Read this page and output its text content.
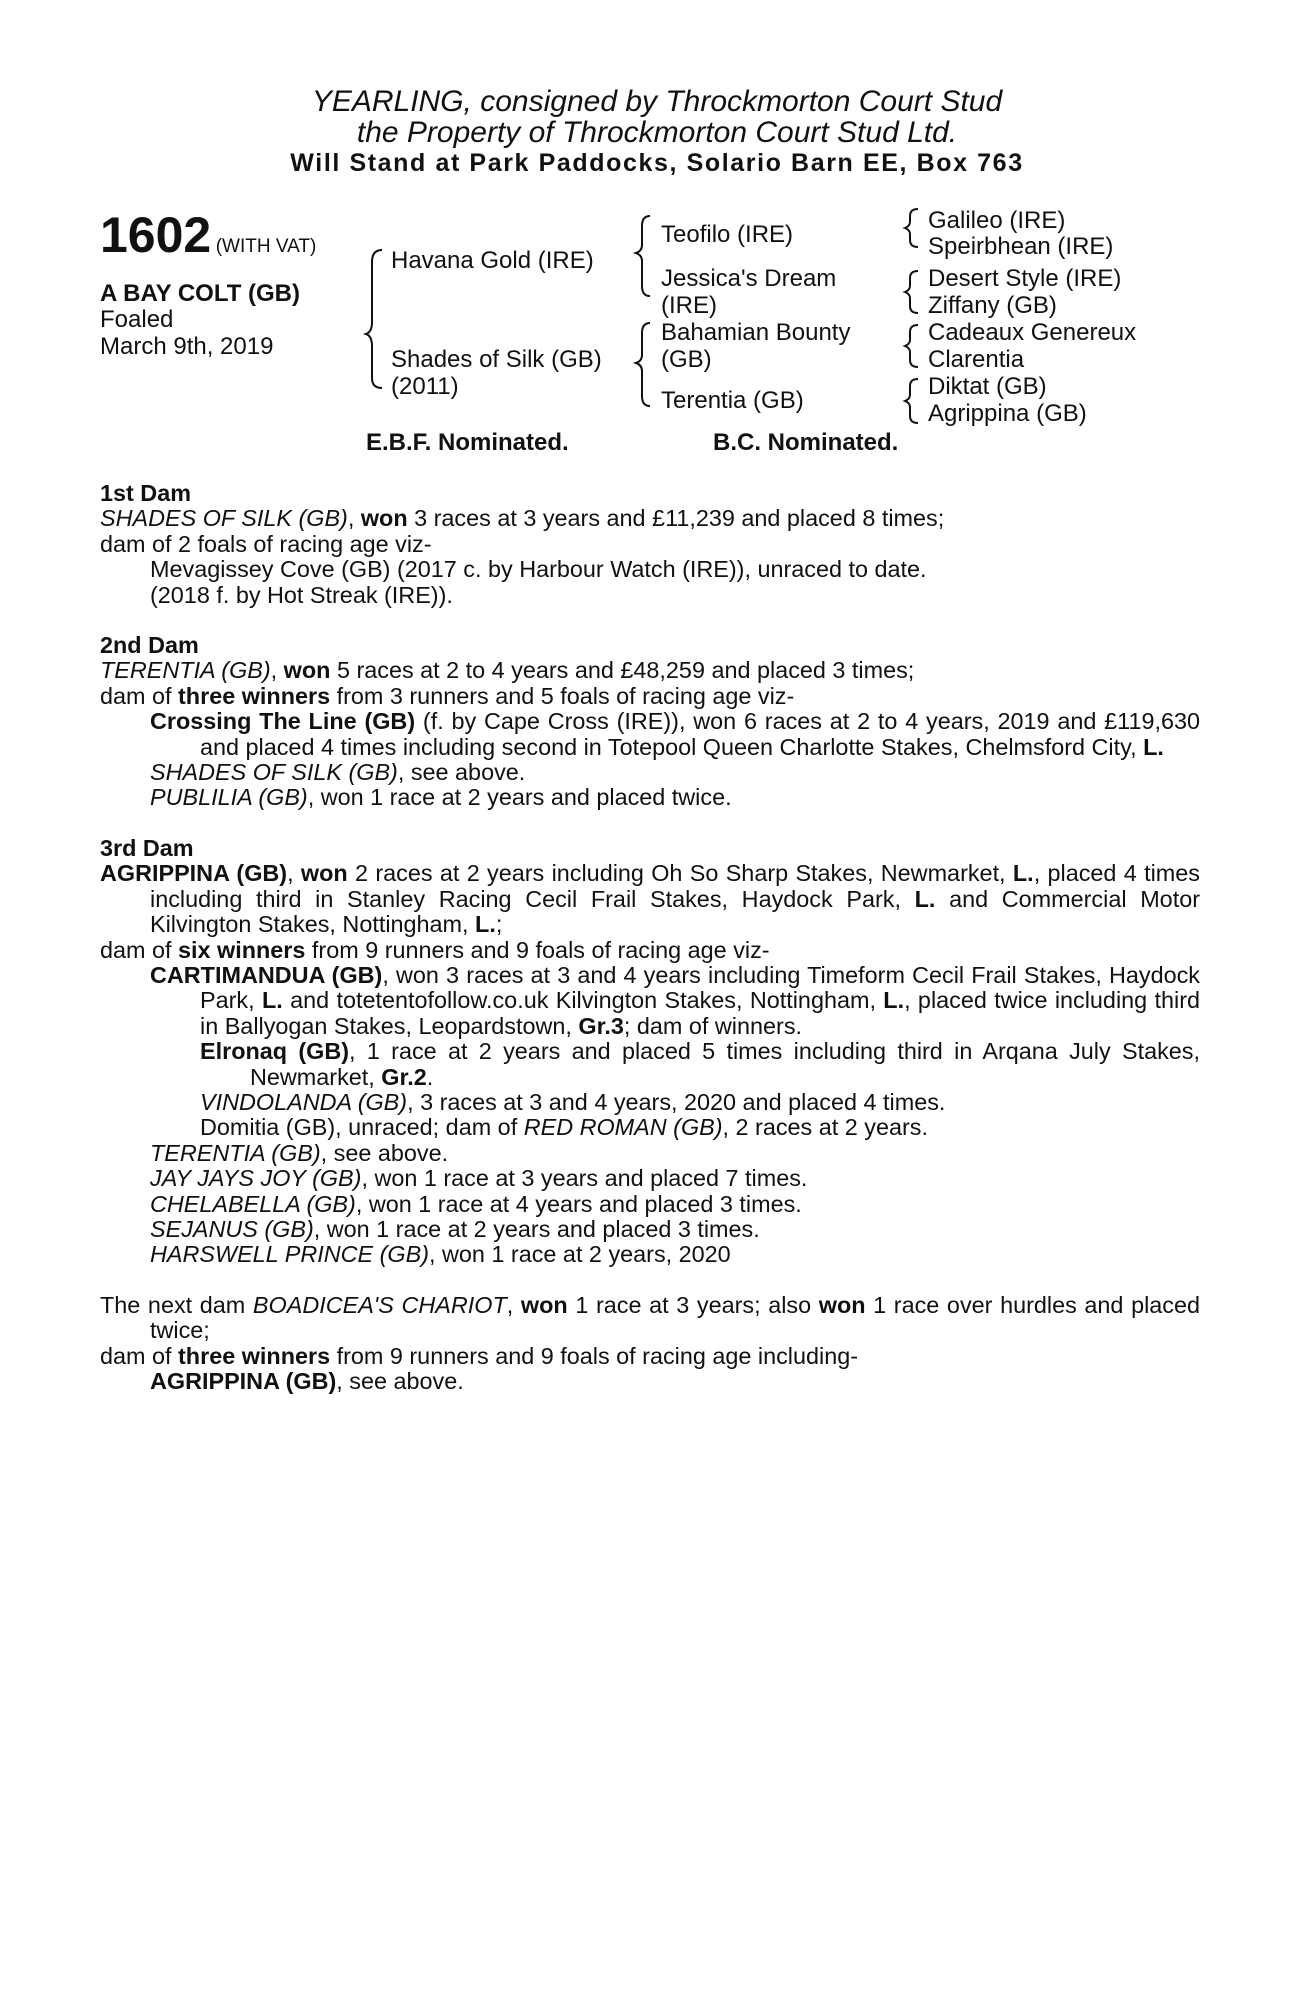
YEARLING, consigned by Throckmorton Court Stud
the Property of Throckmorton Court Stud Ltd.
Will Stand at Park Paddocks, Solario Barn EE, Box 763
1602 (WITH VAT)
A BAY COLT (GB)
Foaled
March 9th, 2019
Havana Gold (IRE)
Shades of Silk (GB)
(2011)
Teofilo (IRE)
Jessica's Dream
(IRE)
Bahamian Bounty
(GB)
Terentia (GB)
Galileo (IRE)
Speirbhean (IRE)
Desert Style (IRE)
Ziffany (GB)
Cadeaux Genereux
Clarentia
Diktat (GB)
Agrippina (GB)
E.B.F. Nominated.	B.C. Nominated.

1st Dam

SHADES OF SILK (GB), won 3 races at 3 years and £11,239 and placed 8 times;

dam of 2 foals of racing age viz-

Mevagissey Cove (GB) (2017 c. by Harbour Watch (IRE)), unraced to date.

(2018 f. by Hot Streak (IRE)).

2nd Dam

TERENTIA (GB), won 5 races at 2 to 4 years and £48,259 and placed 3 times;

dam of three winners from 3 runners and 5 foals of racing age viz-

Crossing The Line (GB) (f. by Cape Cross (IRE)), won 6 races at 2 to 4 years, 2019 and £119,630 and placed 4 times including second in Totepool Queen Charlotte Stakes, Chelmsford City, L.

SHADES OF SILK (GB), see above.

PUBLILIA (GB), won 1 race at 2 years and placed twice.

3rd Dam

AGRIPPINA (GB), won 2 races at 2 years including Oh So Sharp Stakes, Newmarket, L., placed 4 times including third in Stanley Racing Cecil Frail Stakes, Haydock Park, L. and Commercial Motor Kilvington Stakes, Nottingham, L.;

dam of six winners from 9 runners and 9 foals of racing age viz-

CARTIMANDUA (GB), won 3 races at 3 and 4 years including Timeform Cecil Frail Stakes, Haydock Park, L. and totetentofollow.co.uk Kilvington Stakes, Nottingham, L., placed twice including third in Ballyogan Stakes, Leopardstown, Gr.3; dam of winners.

Elronaq (GB), 1 race at 2 years and placed 5 times including third in Arqana July Stakes, Newmarket, Gr.2.

VINDOLANDA (GB), 3 races at 3 and 4 years, 2020 and placed 4 times.

Domitia (GB), unraced; dam of RED ROMAN (GB), 2 races at 2 years.

TERENTIA (GB), see above.

JAY JAYS JOY (GB), won 1 race at 3 years and placed 7 times.

CHELABELLA (GB), won 1 race at 4 years and placed 3 times.

SEJANUS (GB), won 1 race at 2 years and placed 3 times.

HARSWELL PRINCE (GB), won 1 race at 2 years, 2020

The next dam BOADICEA'S CHARIOT, won 1 race at 3 years; also won 1 race over hurdles and placed twice;

dam of three winners from 9 runners and 9 foals of racing age including-

AGRIPPINA (GB), see above.
